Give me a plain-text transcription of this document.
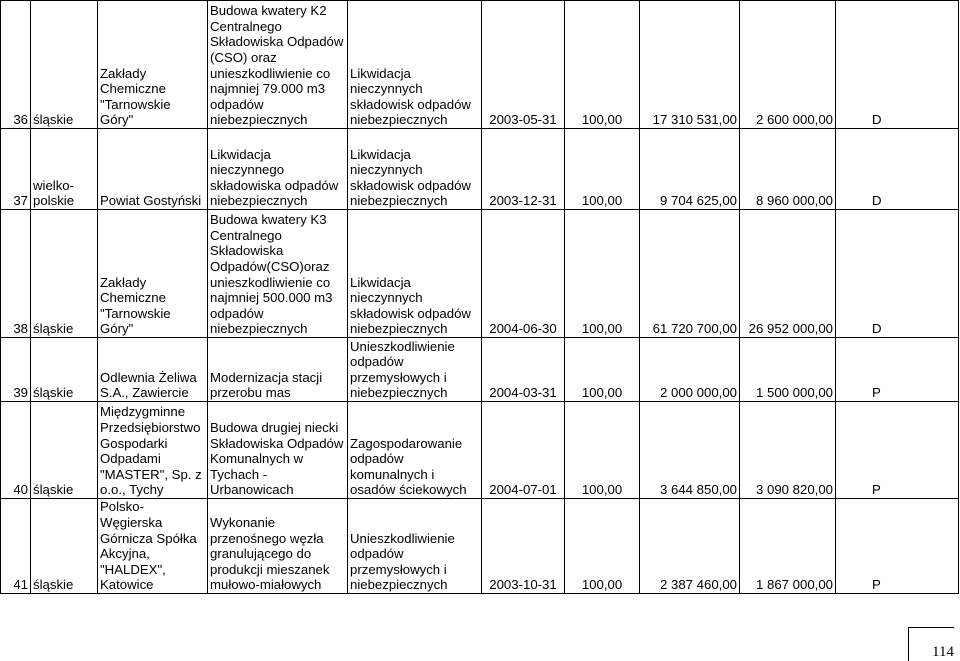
36	śląskie	Zakłady Chemiczne "Tarnowskie Góry"	Budowa kwatery K2 Centralnego Składowiska Odpadów (CSO) oraz unieszkodliwienie co najmniej 79.000 m3 odpadów niebezpiecznych	Likwidacja nieczynnych składowisk odpadów niebezpiecznych	2003-05-31	100,00	17 310 531,00	2 600 000,00	D
37	wielko-polskie	Powiat Gostyński	Likwidacja nieczynnego składowiska odpadów niebezpiecznych	Likwidacja nieczynnych składowisk odpadów niebezpiecznych	2003-12-31	100,00	9 704 625,00	8 960 000,00	D
38	śląskie	Zakłady Chemiczne "Tarnowskie Góry"	Budowa kwatery K3 Centralnego Składowiska Odpadów(CSO)oraz unieszkodliwienie co najmniej 500.000 m3 odpadów niebezpiecznych	Likwidacja nieczynnych składowisk odpadów niebezpiecznych	2004-06-30	100,00	61 720 700,00	26 952 000,00	D
39	śląskie	Odlewnia Żeliwa S.A., Zawiercie	Modernizacja stacji przerobu mas	Unieszkodliwienie odpadów przemysłowych i niebezpiecznych	2004-03-31	100,00	2 000 000,00	1 500 000,00	P
40	śląskie	Międzygminne Przedsiębiorstwo Gospodarki Odpadami "MASTER", Sp. z o.o., Tychy	Budowa drugiej niecki Składowiska Odpadów Komunalnych w Tychach - Urbanowicach	Zagospodarowanie odpadów komunalnych i osadów ściekowych	2004-07-01	100,00	3 644 850,00	3 090 820,00	P
41	śląskie	Polsko-Węgierska Górnicza Spółka Akcyjna, "HALDEX", Katowice	Wykonanie przenośnego węzła granulującego do produkcji mieszanek mułowo-miałowych	Unieszkodliwienie odpadów przemysłowych i niebezpiecznych	2003-10-31	100,00	2 387 460,00	1 867 000,00	P
114
